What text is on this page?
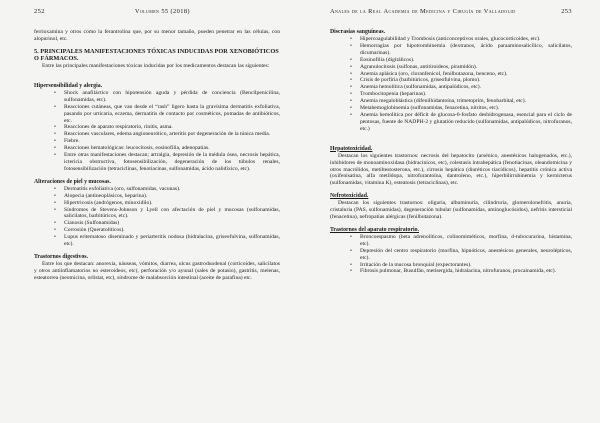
252	Volumen 55 (2018)

ferrioxamina y otros como la ferantrolina que, por su menor tamaño, pueden penetrar en las células, con alopurinol, etc.

5. PRINCIPALES MANIFESTACIONES TÓXICAS INDUCIDAS POR XENOBIÓTICOS O FÁRMACOS.

Entre las principales manifestaciones tóxicas inducidas por los medicamentos destacan las siguientes:

Hipersensibilidad y alergia.
• Shock anafiláctico con hipotensión aguda y pérdida de conciencia (Bencilpenicilina, sulfonamidas, etc).
• Reacciones cutáneas, que van desde el “rash” ligero hasta la gravísima dermatitis exfoliativa, pasando por urticaria, eczema, dermatitis de contacto por cosméticos, pomadas de antibióticos, etc.
• Reacciones de aparato respiratorio, rinitis, asma.
• Reacciones vasculares, edema angioneurótico, arteritis por degeneración de la túnica media.
• Fiebre.
• Reacciones hematológicas: leucocitosis, eosinofilia, adenopatías.
• Entre otras manifestaciones destacan; artralgia, depresión de la médula ósea, necrosis hepática, ictericia obstructiva, fotosensibilización, degeneración de los túbulos renales, fotosensibilización (tetraciclinas, fenotiacinas, sulfonamidas, ácido nalidíxico, etc).
Alteraciones de piel y mucosas.
• Dermatitis exfoliativa (oro, sulfonamidas, vacunas).
• Alopecia (antineoplásicos, heparina).
• Hipertricosis (andrógenos, minoxidilo).
• Síndromes de Stevens-Johnson y Lyell con afectación de piel y mucosas (sulfonamidas, salicilatos, barbitúricos, etc).
• Cianosis (Sulfonamidas)
• Corrosión (Queratolíticos).
• Lupus eritematoso diseminado y periarteritis nodosa (hidralacina, griseofulvina, sulfonamidas, etc).
Trastornos digestivos.

Entre los que destacan: anorexia, náuseas, vómitos, diarrea, ulcus gastroduodenal (corticoides, salicilatos y otros antiinflamatorios no esteroideos, etc), perforación y/o ayunal (sales de potasio), gastritis, melenas, esteatorrea (neomicina, orlistat, etc), síndrome de malabsorción intestinal (aceite de parafina) etc.

Anales de la Real Academia de Medicina y Cirugía de Valladolid	253
Discrasias sanguíneas.
• Hipercoagulabilidad y Trombosis (anticonceptivos orales, glucocorticoides, etc).
• Hemorragias por hipotrombinemia (dextranos, ácido paraaminosalicílico, salicilatos, dicumarinas).
• Eosinofilia (digitálicos).
• Agranulocitosis (sulfonas, antitiroideos, piramidón).
• Anemia aplásica (oro, cloranfenicol, fenilbutazona, benceno, etc).
• Crisis de porfiria (barbitúricos, griseofulvina, plomo).
• Anemia hemolítica (sulfonamidas, antipalúdicos, etc).
• Trombocitopenia (heparinas).
• Anemia megaloblástica (difenilhidantoína, trimetoprim, fenobarbital, etc).
• Metahemoglobinemia (sulfonamidas, fenacetina, nitritos, etc).
• Anemia hemolítica por déficit de glucosa-6-fosfato deshidrogenasa, esencial para el ciclo de pentosas, fuente de NADPH-2 y glutatión reducido (sulfonamidas, antipalúdicos, nitrofuranos, etc.)
Hepatotoxicidad.

Destacan los siguientes trastornos: necrosis del hepatocito (arsénico, anestésicos halogenados, etc.), inhibidores de monoaminoxidasa (hidracinicos, etc), colestasis intrahepática (fenotiacinas, oleandomicina y otros macrólidos, metiltestosterona, etc.), cirrosis hepática (diuréticos tiacídicos), hepatitis crónica activa (oxifenisatina, alfa metildopa, nitrofurantoína, dantroleno, etc.), hiperbilirrubinemia y kernicterus (sulfonamidas, vitamina K), esteatosis (tetraciclinas), etc.

Nefrotoxicidad.

Destacan los siguientes trastornos: oliguria, albuminuria, cilindruria, glomerulonefritis, anuria, cristaluria (PAS, sulfonamidas), degeneración tubular (sulfonamidas, aminoglucósidos), nefritis intersticial (fenacetina), nefropatías alérgicas (fenilbutazona).

Trastornos del aparato respiratorio.
• Broncoespasmo (beta adrenolíticos, colinomiméticos, morfina, d-tubocurarina, histamina, etc).
• Depresión del centro respiratorio (morfina, hipnóticos, anestésicos generales, neurolépticos, etc).
• Irritación de la mucosa bronquial (expectorantes).
• Fibrosis pulmonar, Busulfán, metisergida, hidralacina, nitrofuranos, procainamida, etc).
